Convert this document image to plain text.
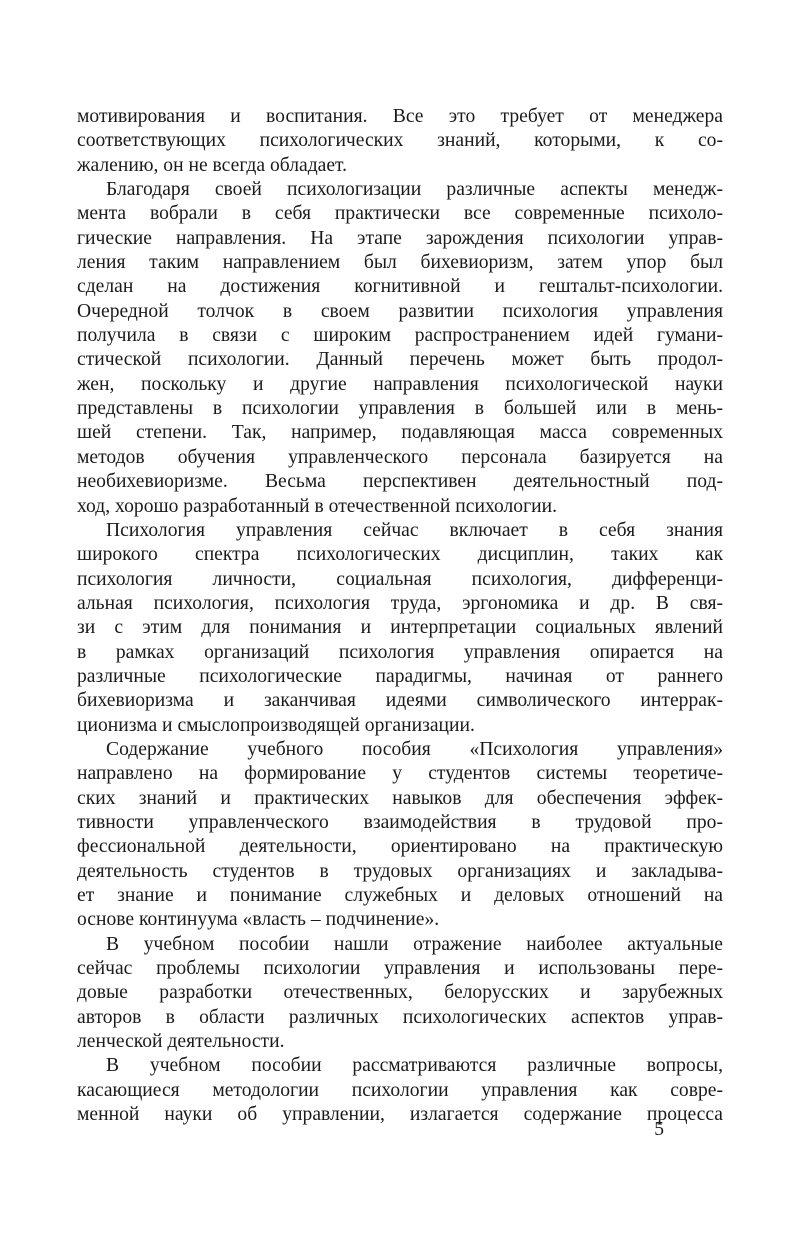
мотивирования и воспитания. Все это требует от менеджера
соответствующих психологических знаний, которыми, к со-
жалению, он не всегда обладает.
Благодаря своей психологизации различные аспекты менедж-
мента вобрали в себя практически все современные психоло-
гические направления. На этапе зарождения психологии управ-
ления таким направлением был бихевиоризм, затем упор был
сделан на достижения когнитивной и гештальт-психологии.
Очередной толчок в своем развитии психология управления
получила в связи с широким распространением идей гумани-
стической психологии. Данный перечень может быть продол-
жен, поскольку и другие направления психологической науки
представлены в психологии управления в большей или в мень-
шей степени. Так, например, подавляющая масса современных
методов обучения управленческого персонала базируется на
необихевиоризме. Весьма перспективен деятельностный под-
ход, хорошо разработанный в отечественной психологии.
Психология управления сейчас включает в себя знания
широкого спектра психологических дисциплин, таких как
психология личности, социальная психология, дифференци-
альная психология, психология труда, эргономика и др. В свя-
зи с этим для понимания и интерпретации социальных явлений
в рамках организаций психология управления опирается на
различные психологические парадигмы, начиная от раннего
бихевиоризма и заканчивая идеями символического интеррак-
ционизма и смыслопроизводящей организации.
Содержание учебного пособия «Психология управления»
направлено на формирование у студентов системы теоретиче-
ских знаний и практических навыков для обеспечения эффек-
тивности управленческого взаимодействия в трудовой про-
фессиональной деятельности, ориентировано на практическую
деятельность студентов в трудовых организациях и закладыва-
ет знание и понимание служебных и деловых отношений на
основе континуума «власть – подчинение».
В учебном пособии нашли отражение наиболее актуальные
сейчас проблемы психологии управления и использованы пере-
довые разработки отечественных, белорусских и зарубежных
авторов в области различных психологических аспектов управ-
ленческой деятельности.
В учебном пособии рассматриваются различные вопросы,
касающиеся методологии психологии управления как совре-
менной науки об управлении, излагается содержание процесса
5
